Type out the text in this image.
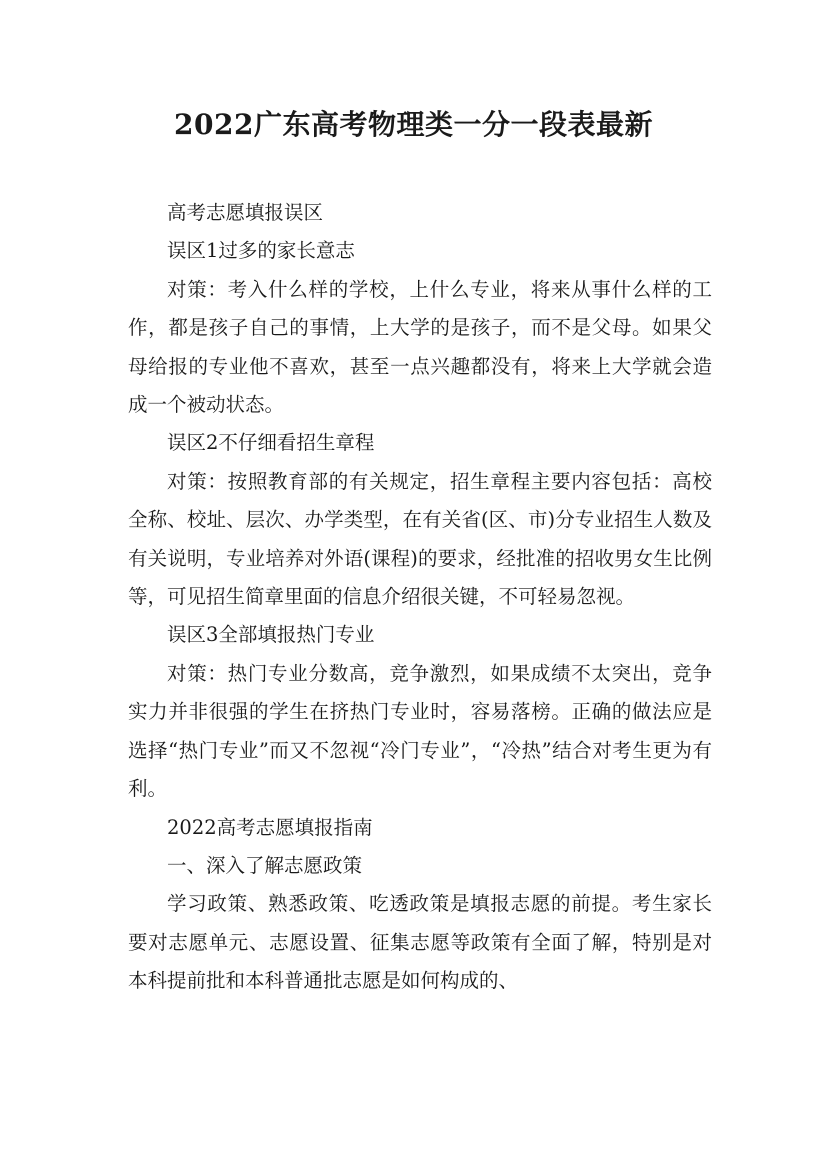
2022广东高考物理类一分一段表最新

高考志愿填报误区

误区1过多的家长意志

对策：考入什么样的学校，上什么专业，将来从事什么样的工作，都是孩子自己的事情，上大学的是孩子，而不是父母。如果父母给报的专业他不喜欢，甚至一点兴趣都没有，将来上大学就会造成一个被动状态。

误区2不仔细看招生章程

对策：按照教育部的有关规定，招生章程主要内容包括：高校全称、校址、层次、办学类型，在有关省(区、市)分专业招生人数及有关说明，专业培养对外语(课程)的要求，经批准的招收男女生比例等，可见招生简章里面的信息介绍很关键，不可轻易忽视。

误区3全部填报热门专业

对策：热门专业分数高，竞争激烈，如果成绩不太突出，竞争实力并非很强的学生在挤热门专业时，容易落榜。正确的做法应是选择“热门专业”而又不忽视“冷门专业”，“冷热”结合对考生更为有利。

2022高考志愿填报指南

一、深入了解志愿政策

学习政策、熟悉政策、吃透政策是填报志愿的前提。考生家长要对志愿单元、志愿设置、征集志愿等政策有全面了解，特别是对本科提前批和本科普通批志愿是如何构成的、
